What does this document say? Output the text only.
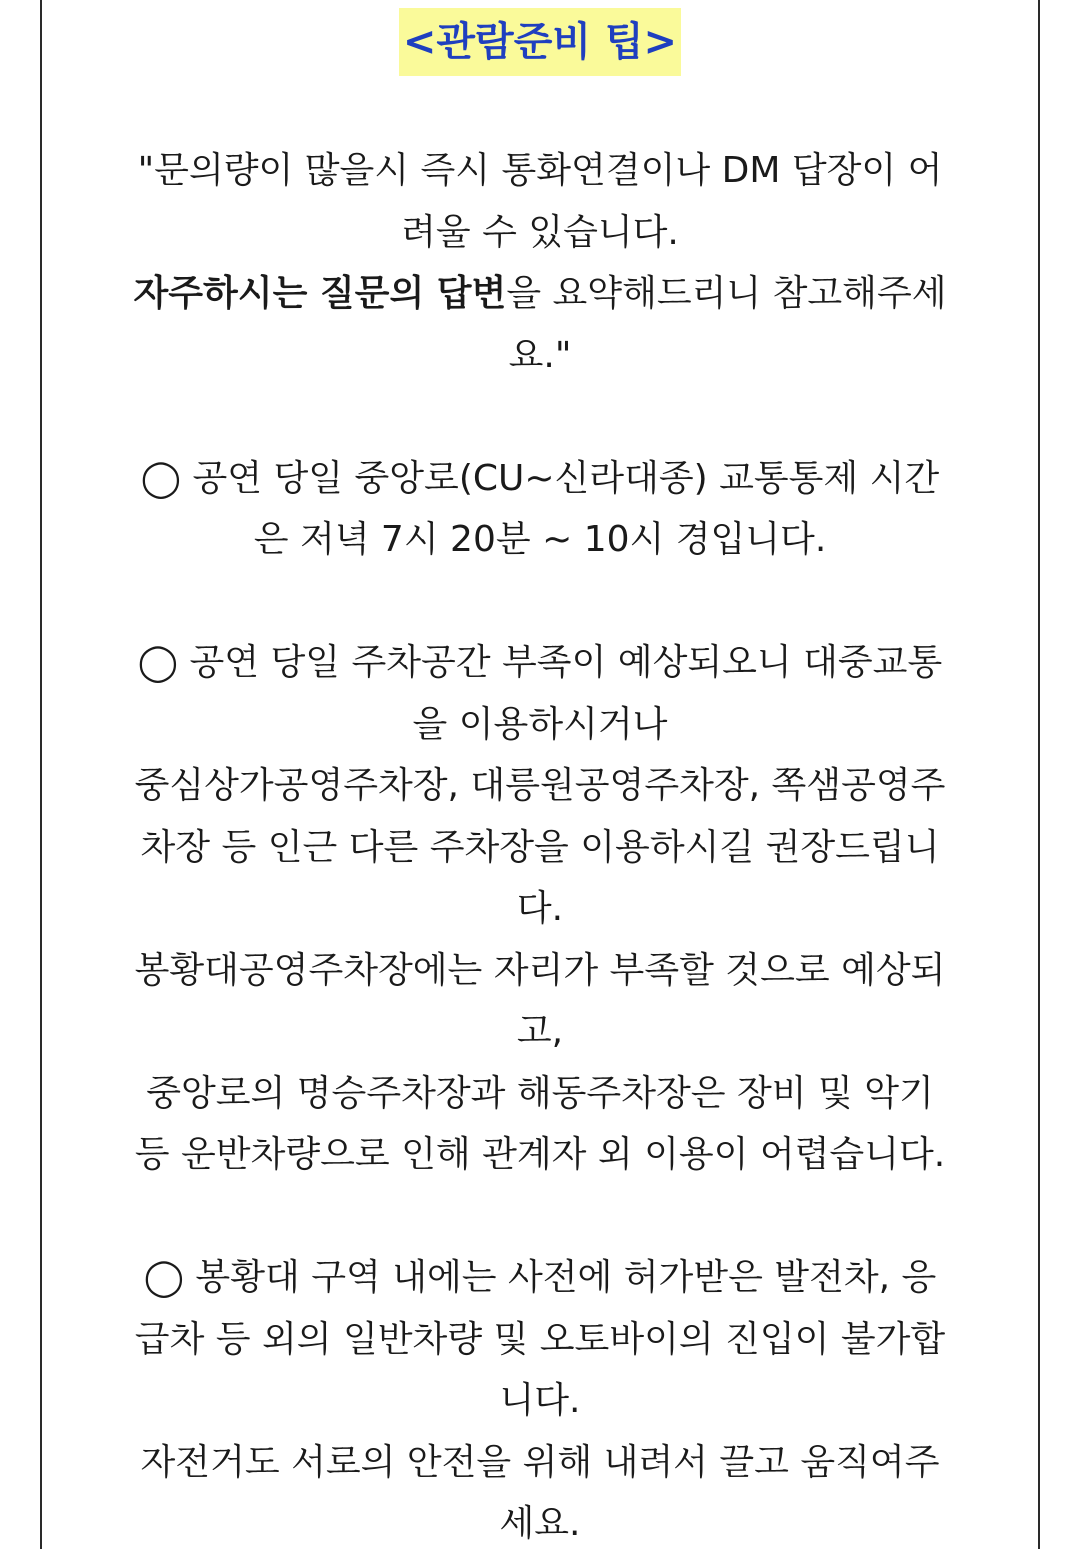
<관람준비 팁>
"문의량이 많을시 즉시 통화연결이나 DM 답장이 어
려울 수 있습니다.
자주하시는 질문의 답변을 요약해드리니 참고해주세
요."
◯ 공연 당일 중앙로(CU~신라대종) 교통통제 시간
은 저녁 7시 20분 ~ 10시 경입니다.
◯ 공연 당일 주차공간 부족이 예상되오니 대중교통
을 이용하시거나
중심상가공영주차장, 대릉원공영주차장, 쪽샘공영주
차장 등 인근 다른 주차장을 이용하시길 권장드립니
다.
봉황대공영주차장에는 자리가 부족할 것으로 예상되
고,
중앙로의 명승주차장과 해동주차장은 장비 및 악기
등 운반차량으로 인해 관계자 외 이용이 어렵습니다.
◯ 봉황대 구역 내에는 사전에 허가받은 발전차, 응
급차 등 외의 일반차량 및 오토바이의 진입이 불가합
니다.
자전거도 서로의 안전을 위해 내려서 끌고 움직여주
세요.
